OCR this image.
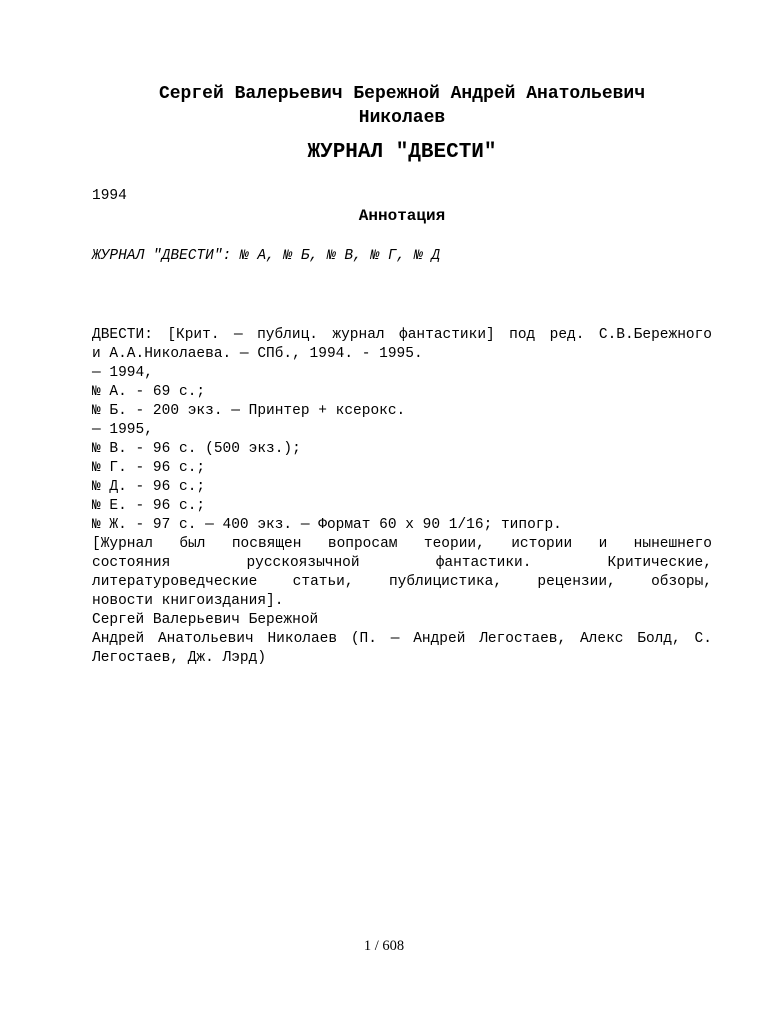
Сергей Валерьевич Бережной Андрей Анатольевич
Николаев
ЖУРНАЛ "ДВЕСТИ"
1994
Аннотация
ЖУРНАЛ "ДВЕСТИ": № А, № Б, № В, № Г, № Д
ДВЕСТИ: [Крит. — публиц. журнал фантастики] под ред. С.В.Бережного
и А.А.Николаева. — СПб., 1994. - 1995.
— 1994,
№ А. - 69 с.;
№ Б. - 200 экз. — Принтер + ксерокс.
— 1995,
№ В. - 96 с. (500 экз.);
№ Г. - 96 с.;
№ Д. - 96 с.;
№ Е. - 96 с.;
№ Ж. - 97 с. — 400 экз. — Формат 60 х 90 1/16; типогр.
[Журнал был посвящен вопросам теории, истории и нынешнего
состояния	русскоязычной	фантастики.	Критические,
литературоведческие статьи, публицистика, рецензии, обзоры,
новости книгоиздания].
Сергей Валерьевич Бережной
Андрей Анатольевич Николаев (П. — Андрей Легостаев, Алекс Болд, С.
Легостаев, Дж. Лэрд)
1 / 608
